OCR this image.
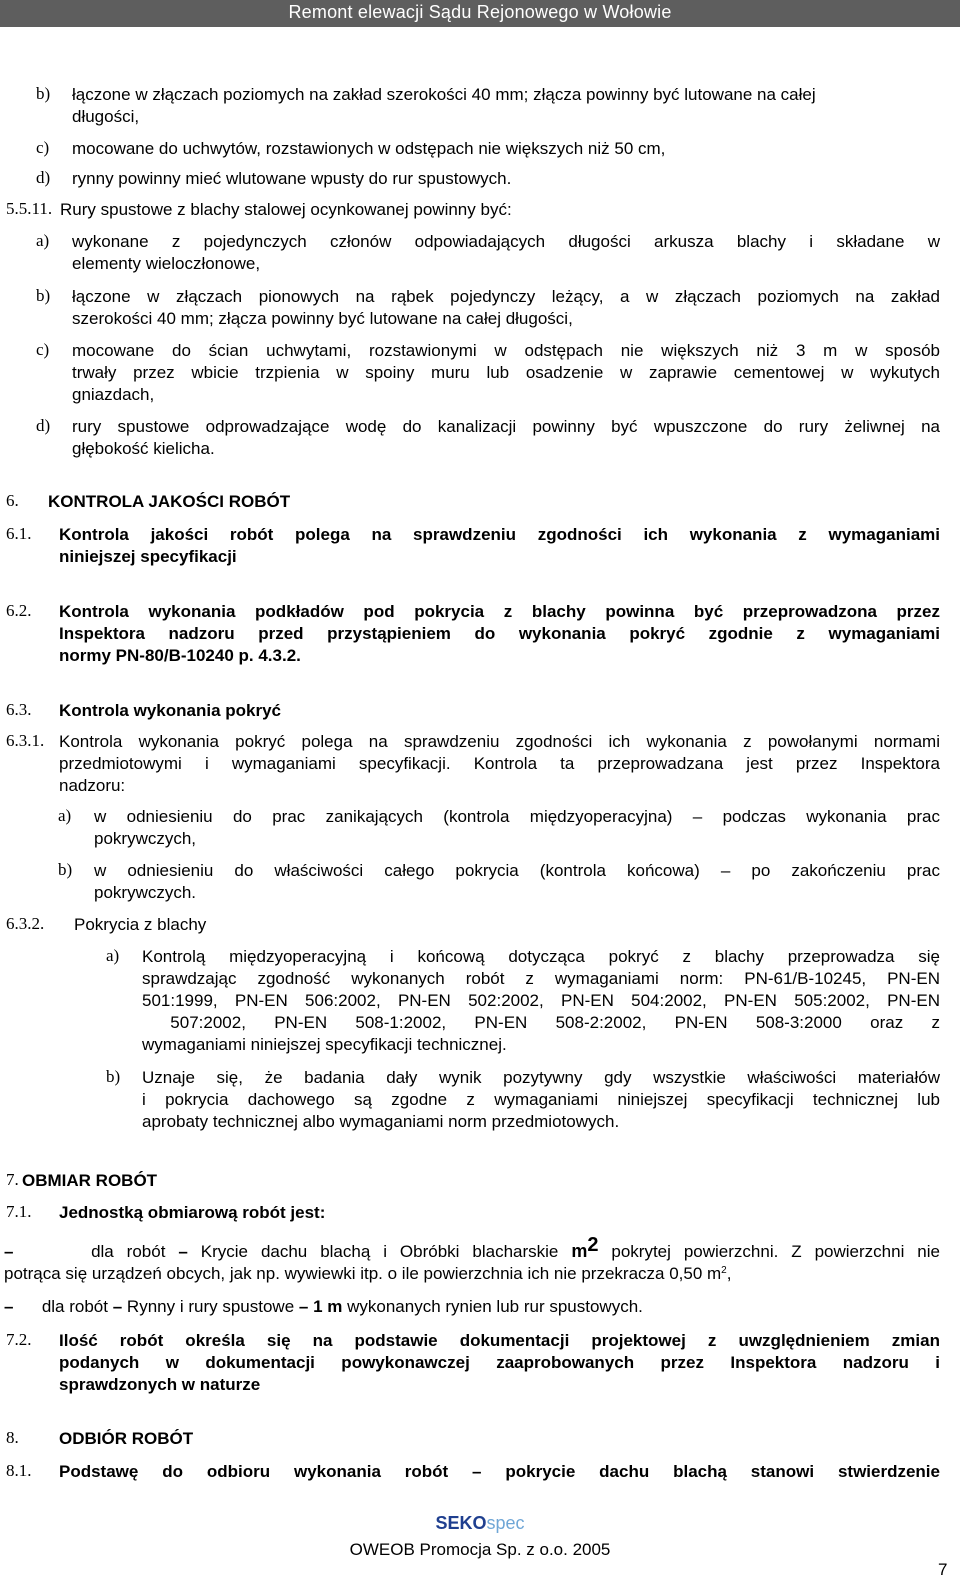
Remont elewacji Sądu Rejonowego w Wołowie
b) łączone w złączach poziomych na zakład szerokości 40 mm; złącza powinny być lutowane na całej
długości,
c) mocowane do uchwytów, rozstawionych w odstępach nie większych niż 50 cm,
d) rynny powinny mieć wlutowane wpusty do rur spustowych.
5.5.11. Rury spustowe z blachy stalowej ocynkowanej powinny być:
a) wykonane z pojedynczych członów odpowiadających długości arkusza blachy i składane w
elementy wieloczłonowe,
b) łączone w złączach pionowych na rąbek pojedynczy leżący, a w złączach poziomych na zakład
szerokości 40 mm; złącza powinny być lutowane na całej długości,
c) mocowane do ścian uchwytami, rozstawionymi w odstępach nie większych niż 3 m w sposób
trwały przez wbicie trzpienia w spoiny muru lub osadzenie w zaprawie cementowej w wykutych
gniazdach,
d) rury spustowe odprowadzające wodę do kanalizacji powinny być wpuszczone do rury żeliwnej na
głębokość kielicha.
6. KONTROLA JAKOŚCI ROBÓT
6.1. Kontrola jakości robót polega na sprawdzeniu zgodności ich wykonania z wymaganiami
niniejszej specyfikacji
6.2. Kontrola wykonania podkładów pod pokrycia z blachy powinna być przeprowadzona przez
Inspektora nadzoru przed przystąpieniem do wykonania pokryć zgodnie z wymaganiami
normy PN-80/B-10240 p. 4.3.2.
6.3. Kontrola wykonania pokryć
6.3.1. Kontrola wykonania pokryć polega na sprawdzeniu zgodności ich wykonania z powołanymi normami
przedmiotowymi i wymaganiami specyfikacji. Kontrola ta przeprowadzana jest przez Inspektora
nadzoru:
a) w odniesieniu do prac zanikających (kontrola międzyoperacyjna) – podczas wykonania prac
pokrywczych,
b) w odniesieniu do właściwości całego pokrycia (kontrola końcowa) – po zakończeniu prac
pokrywczych.
6.3.2. Pokrycia z blachy
a) Kontrolą międzyoperacyjną i końcową dotycząca pokryć z blachy przeprowadza się
sprawdzając zgodność wykonanych robót z wymaganiami norm: PN-61/B-10245, PN-EN
501:1999, PN-EN 506:2002, PN-EN 502:2002, PN-EN 504:2002, PN-EN 505:2002, PN-EN
507:2002, PN-EN 508-1:2002, PN-EN 508-2:2002, PN-EN 508-3:2000 oraz z
wymaganiami niniejszej specyfikacji technicznej.
b) Uznaje się, że badania dały wynik pozytywny gdy wszystkie właściwości materiałów
i pokrycia dachowego są zgodne z wymaganiami niniejszej specyfikacji technicznej lub
aprobaty technicznej albo wymaganiami norm przedmiotowych.
7. OBMIAR ROBÓT
7.1. Jednostką obmiarową robót jest:
–	dla robót – Krycie dachu blachą i Obróbki blacharskie $m^2$ pokrytej powierzchni. Z powierzchni nie
potrąca się urządzeń obcych, jak np. wywiewki itp. o ile powierzchnia ich nie przekracza 0,50 $m^2$,
– dla robót – Rynny i rury spustowe – 1 m wykonanych rynien lub rur spustowych.
7.2. Ilość robót określa się na podstawie dokumentacji projektowej z uwzględnieniem zmian
podanych w dokumentacji powykonawczej zaaprobowanych przez Inspektora nadzoru i
sprawdzonych w naturze
8. ODBIÓR ROBÓT
8.1. Podstawę do odbioru wykonania robót – pokrycie dachu blachą stanowi stwierdzenie
SEKOspec
OWEOB Promocja Sp. z o.o. 2005
7
